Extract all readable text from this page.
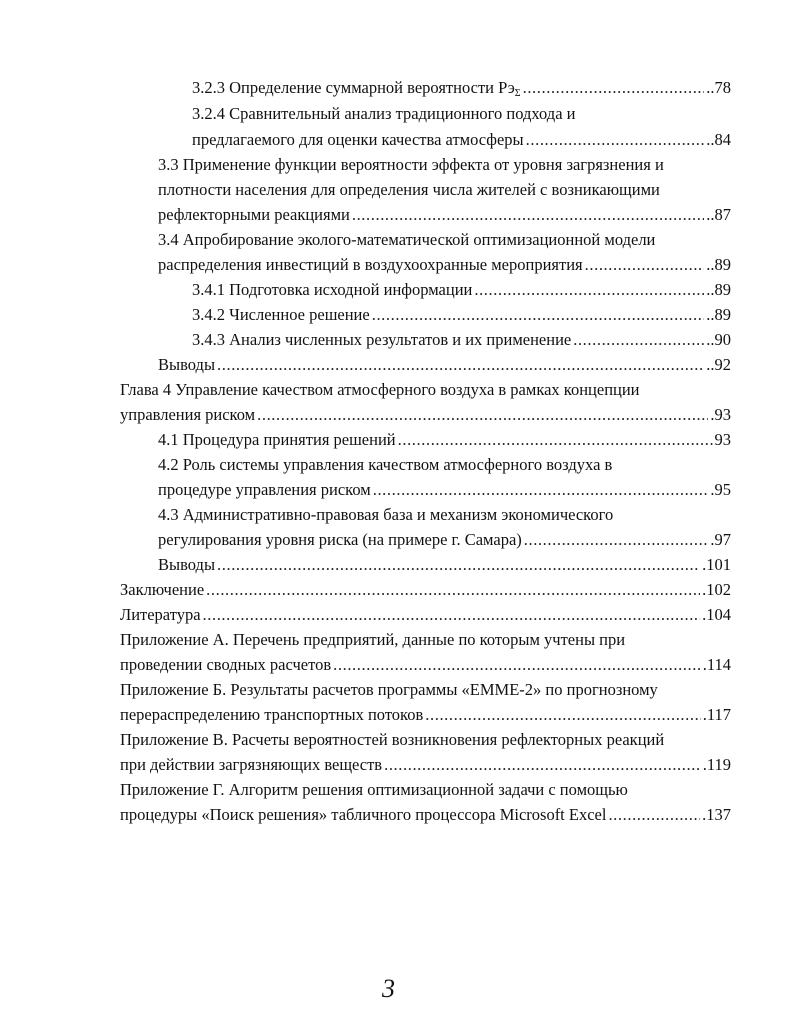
3.2.3 Определение суммарной вероятности $Рэ_\Sigma$ .....	..78
3.2.4 Сравнительный анализ традиционного подхода и
предлагаемого для оценки качества атмосферы .....	..84
3.3 Применение функции вероятности эффекта от уровня загрязнения и
плотности населения для определения числа жителей с возникающими
рефлекторными реакциями .....	..87
3.4 Апробирование эколого-математической оптимизационной модели
распределения инвестиций в воздухоохранные мероприятия .....	..89
3.4.1 Подготовка исходной информации .....	..89
3.4.2 Численное решение .....	..89
3.4.3 Анализ численных результатов и их применение .....	..90
Выводы .....	..92
Глава 4 Управление качеством атмосферного воздуха в рамках концепции
управления риском .....	.93
4.1 Процедура принятия решений .....	93
4.2 Роль системы управления качеством атмосферного воздуха в
процедуре управления риском .....	.95
4.3 Административно-правовая база и механизм экономического
регулирования уровня риска (на примере г. Самара) .....	.97
Выводы .....	.101
Заключение .....	.102
Литература .....	.104
Приложение А. Перечень предприятий, данные по которым учтены при
проведении сводных расчетов .....	.114
Приложение Б. Результаты расчетов программы «ЕММЕ-2» по прогнозному
перераспределению транспортных потоков .....	.117
Приложение В. Расчеты вероятностей возникновения рефлекторных реакций
при действии загрязняющих веществ .....	.119
Приложение Г. Алгоритм решения оптимизационной задачи с помощью
процедуры «Поиск решения» табличного процессора Microsoft Excel .....	.137
3
